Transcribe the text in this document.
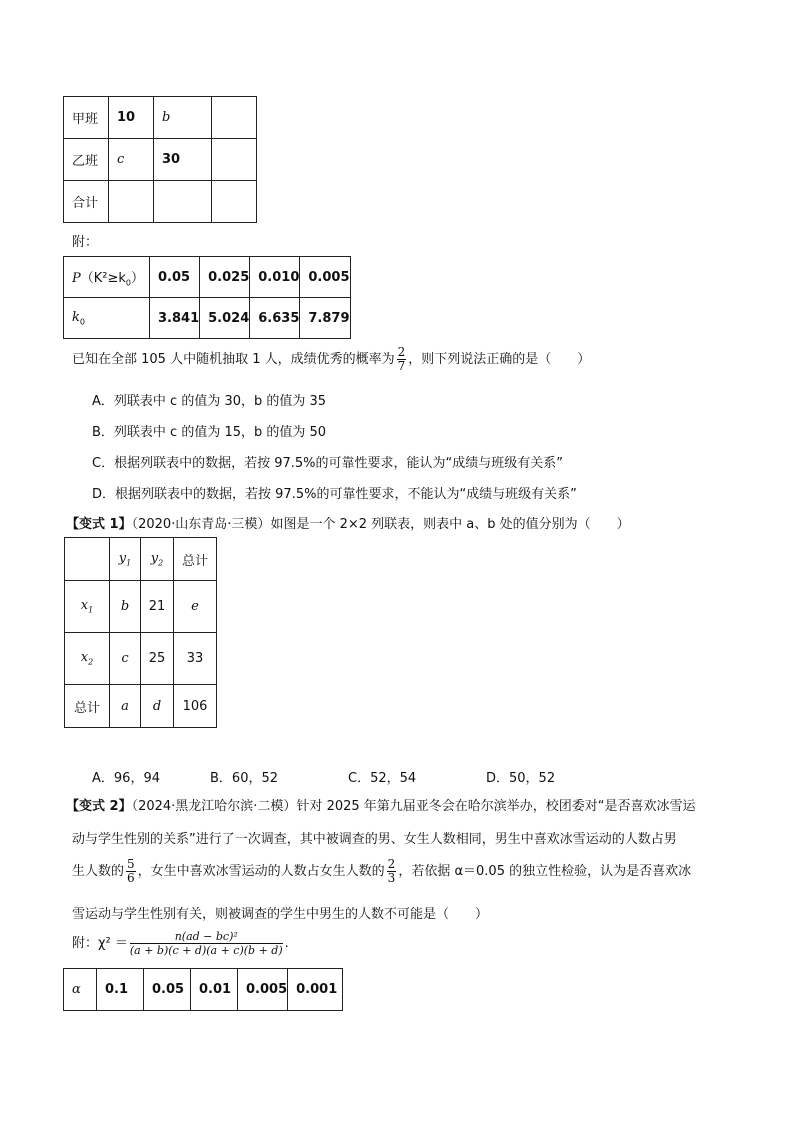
甲班	10	b	
乙班	c	30	
合计			
附：
$P(K^2\ge k_0)$	0.05	0.025	0.010	0.005
$k_0$	3.841	5.024	6.635	7.879
已知在全部 105 人中随机抽取 1 人，成绩优秀的概率为 $\frac{2}{7}$ ，则下列说法正确的是（　　）
A．列联表中 c 的值为 30，b 的值为 35
B．列联表中 c 的值为 15，b 的值为 50
C．根据列联表中的数据，若按 97.5%的可靠性要求，能认为“成绩与班级有关系”
D．根据列联表中的数据，若按 97.5%的可靠性要求，不能认为“成绩与班级有关系”
【变式 1】（2020·山东青岛·三模）如图是一个 2×2 列联表，则表中 a、b 处的值分别为（　　）
	$y_1$	$y_2$	总计
$x_1$	b	21	e
$x_2$	c	25	33
总计	a	d	106
A．96，94	B．60，52	C．52，54	D．50，52
【变式 2】（2024·黑龙江哈尔滨·二模）针对 2025 年第九届亚冬会在哈尔滨举办，校团委对“是否喜欢冰雪运
动与学生性别的关系”进行了一次调查，其中被调查的男、女生人数相同，男生中喜欢冰雪运动的人数占男
生人数的 $\frac{5}{6}$ ，女生中喜欢冰雪运动的人数占女生人数的 $\frac{2}{3}$ ，若依据 α＝0.05 的独立性检验，认为是否喜欢冰
雪运动与学生性别有关，则被调查的学生中男生的人数不可能是（　　）
附：$\chi^2 = \frac{\text{n(ad − bc)²}}{(a + b)(c + d)(a + c)(b + d)}$ .
α	0.1	0.05	0.01	0.005	0.001
